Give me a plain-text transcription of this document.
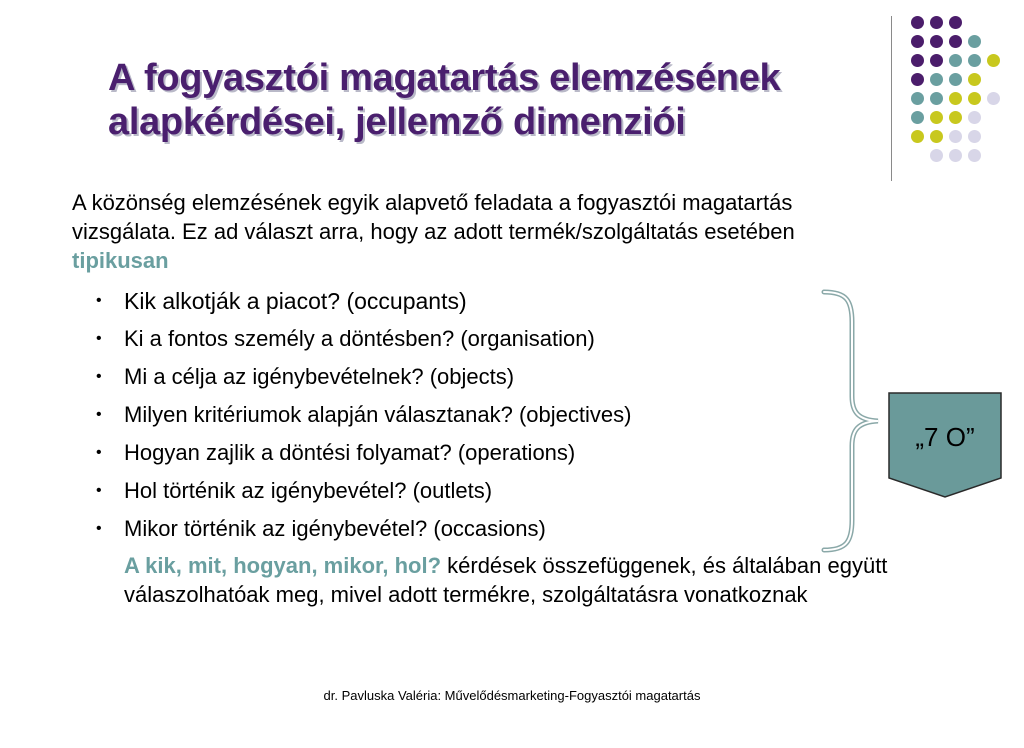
A fogyasztói magatartás elemzésének
alapkérdései, jellemző dimenziói
A közönség elemzésének egyik alapvető feladata a fogyasztói magatartás vizsgálata. Ez ad választ arra, hogy az adott termék/szolgáltatás esetében tipikusan
• Kik alkotják a piacot? (occupants)
• Ki a fontos személy a döntésben? (organisation)
• Mi a célja az igénybevételnek? (objects)
• Milyen kritériumok alapján választanak? (objectives)
• Hogyan zajlik a döntési folyamat? (operations)
• Hol történik az igénybevétel? (outlets)
• Mikor történik az igénybevétel? (occasions)
A kik, mit, hogyan, mikor, hol? kérdések összefüggenek, és általában együtt válaszolhatóak meg, mivel adott termékre, szolgáltatásra vonatkoznak
„7 O”
dr. Pavluska Valéria: Művelődésmarketing-Fogyasztói magatartás
